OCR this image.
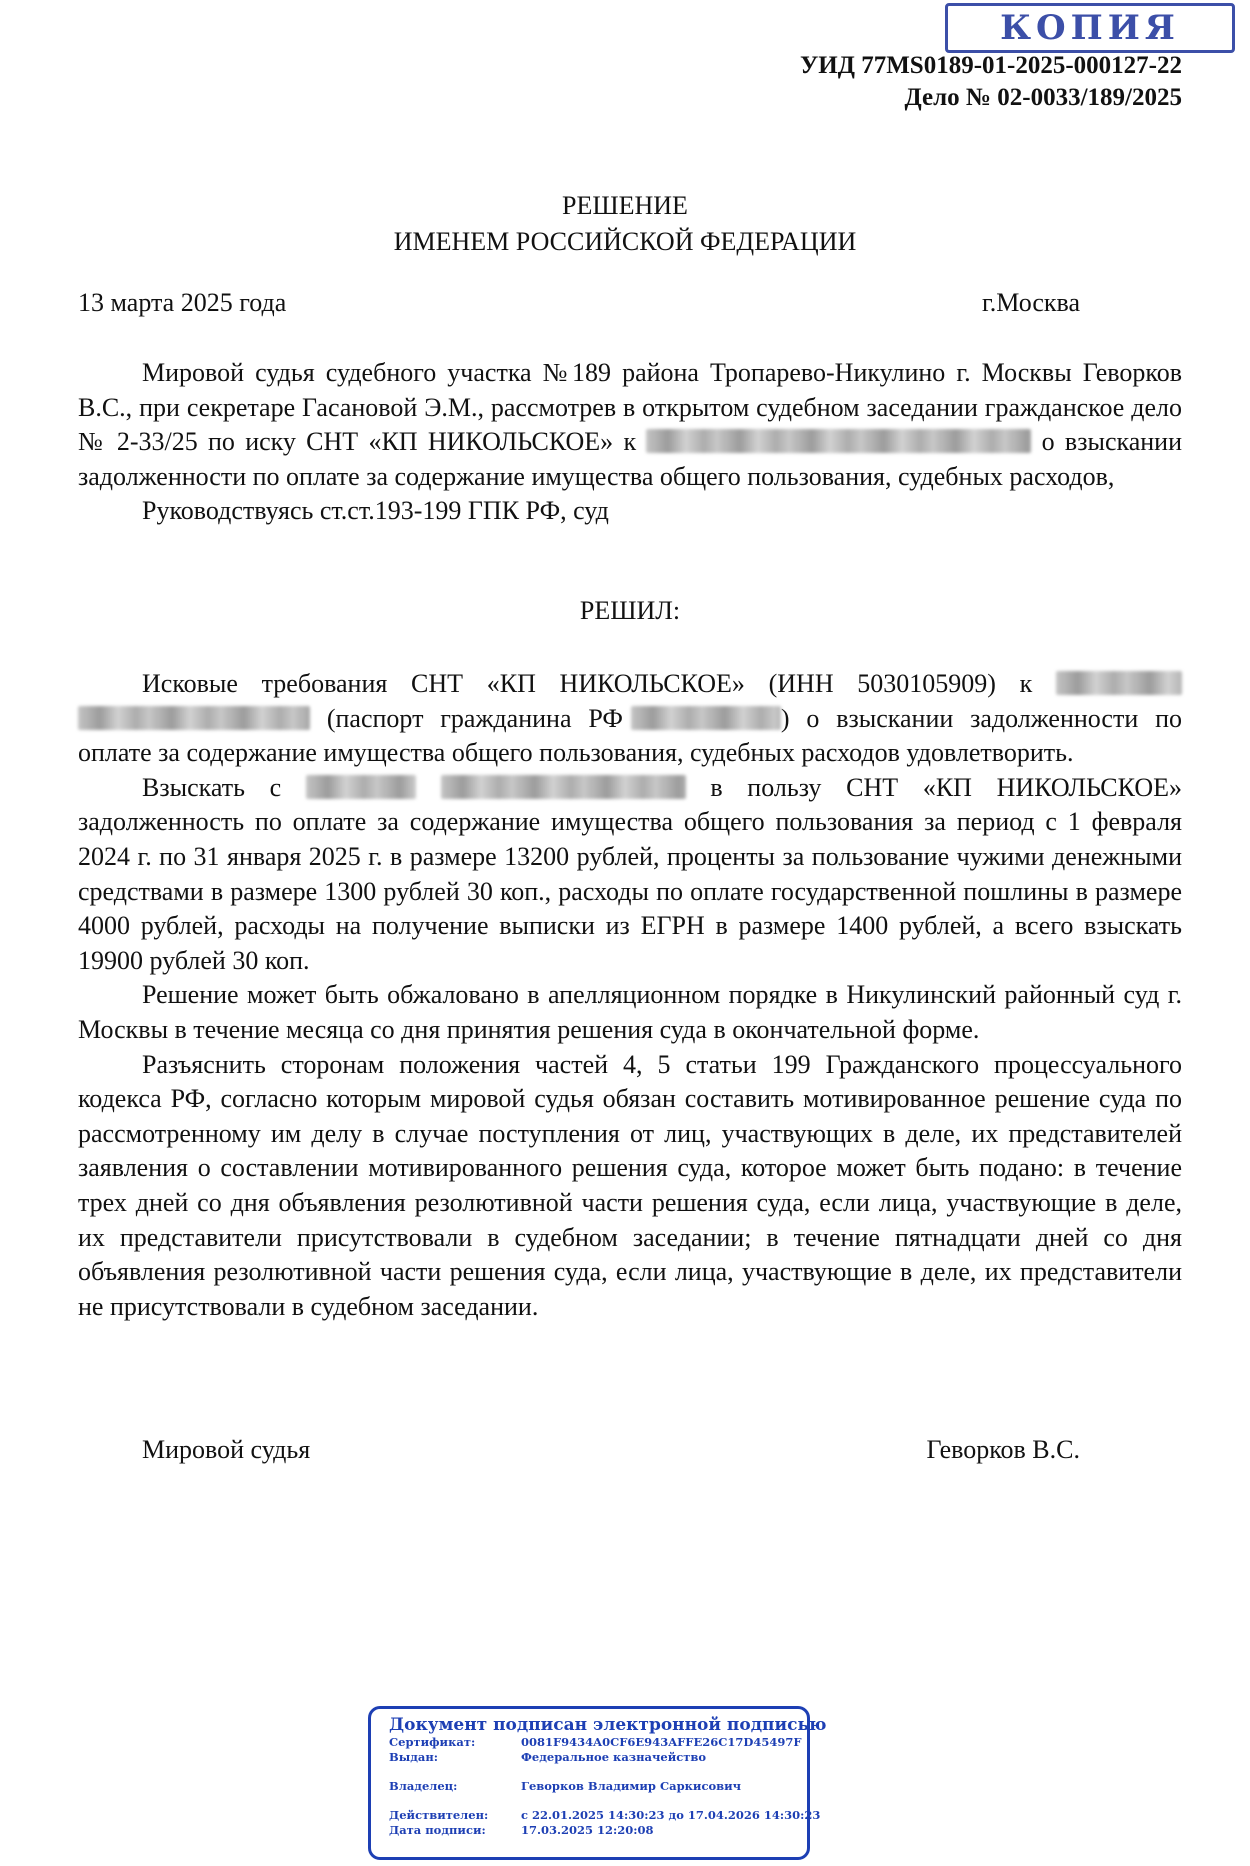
КОПИЯ
УИД 77MS0189-01-2025-000127-22
Дело № 02-0033/189/2025
РЕШЕНИЕ
ИМЕНЕМ РОССИЙСКОЙ ФЕДЕРАЦИИ
13 марта 2025 года	г.Москва

Мировой судья судебного участка №189 района Тропарево-Никулино г. Москвы Геворков В.С., при секретаре Гасановой Э.М., рассмотрев в открытом судебном заседании гражданское дело № 2-33/25 по иску СНТ «КП НИКОЛЬСКОЕ» к	о взыскании задолженности по оплате за содержание имущества общего пользования, судебных расходов,

Руководствуясь ст.ст.193-199 ГПК РФ, суд

РЕШИЛ:

Исковые требования СНТ «КП НИКОЛЬСКОЕ» (ИНН 5030105909) к   (паспорт гражданина РФ	) о взыскании задолженности по оплате за содержание имущества общего пользования, судебных расходов удовлетворить.

Взыскать с	в пользу СНТ «КП НИКОЛЬСКОЕ» задолженность по оплате за содержание имущества общего пользования за период с 1 февраля 2024 г. по 31 января 2025 г. в размере 13200 рублей, проценты за пользование чужими денежными средствами в размере 1300 рублей 30 коп., расходы по оплате государственной пошлины в размере 4000 рублей, расходы на получение выписки из ЕГРН в размере 1400 рублей, а всего взыскать 19900 рублей 30 коп.

Решение может быть обжаловано в апелляционном порядке в Никулинский районный суд г. Москвы в течение месяца со дня принятия решения суда в окончательной форме.

Разъяснить сторонам положения частей 4, 5 статьи 199 Гражданского процессуального кодекса РФ, согласно которым мировой судья обязан составить мотивированное решение суда по рассмотренному им делу в случае поступления от лиц, участвующих в деле, их представителей заявления о составлении мотивированного решения суда, которое может быть подано: в течение трех дней со дня объявления резолютивной части решения суда, если лица, участвующие в деле, их представители присутствовали в судебном заседании; в течение пятнадцати дней со дня объявления резолютивной части решения суда, если лица, участвующие в деле, их представители не присутствовали в судебном заседании.

Мировой судья	Геворков В.С.
Документ подписан электронной подписью
Сертификат:	0081F9434A0CF6E943AFFE26C17D45497F
Выдан:	Федеральное казначейство
Владелец:	Геворков Владимир Саркисович
Действителен:	с 22.01.2025 14:30:23 до 17.04.2026 14:30:23
Дата подписи:	17.03.2025 12:20:08
